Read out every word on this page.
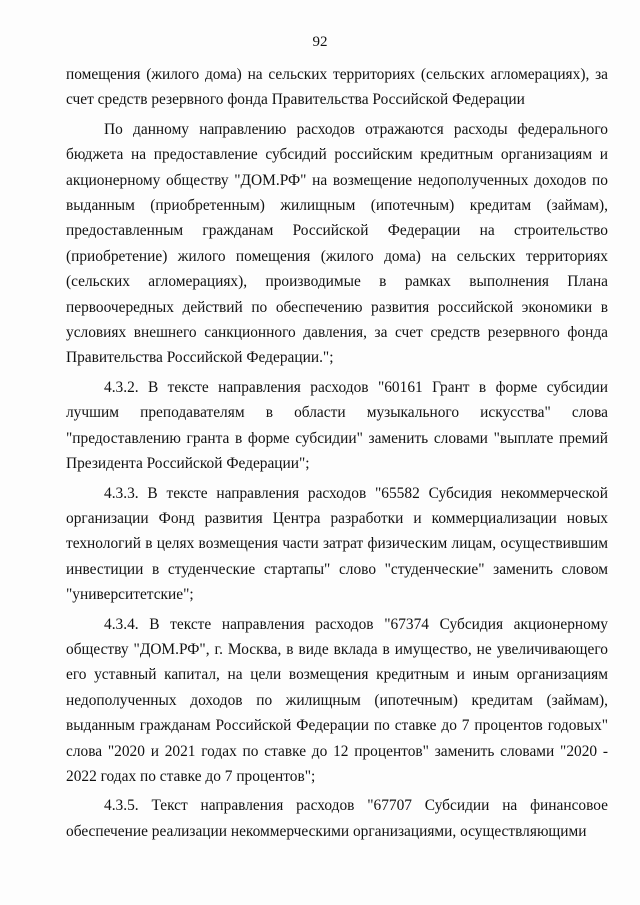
92

помещения (жилого дома) на сельских территориях (сельских агломерациях), за счет средств резервного фонда Правительства Российской Федерации

По данному направлению расходов отражаются расходы федерального бюджета на предоставление субсидий российским кредитным организациям и акционерному обществу "ДОМ.РФ" на возмещение недополученных доходов по выданным (приобретенным) жилищным (ипотечным) кредитам (займам), предоставленным гражданам Российской Федерации на строительство (приобретение) жилого помещения (жилого дома) на сельских территориях (сельских агломерациях), производимые в рамках выполнения Плана первоочередных действий по обеспечению развития российской экономики в условиях внешнего санкционного давления, за счет средств резервного фонда Правительства Российской Федерации.";

4.3.2. В тексте направления расходов "60161 Грант в форме субсидии лучшим преподавателям в области музыкального искусства" слова "предоставлению гранта в форме субсидии" заменить словами "выплате премий Президента Российской Федерации";

4.3.3. В тексте направления расходов "65582 Субсидия некоммерческой организации Фонд развития Центра разработки и коммерциализации новых технологий в целях возмещения части затрат физическим лицам, осуществившим инвестиции в студенческие стартапы" слово "студенческие" заменить словом "университетские";

4.3.4. В тексте направления расходов "67374 Субсидия акционерному обществу "ДОМ.РФ", г. Москва, в виде вклада в имущество, не увеличивающего его уставный капитал, на цели возмещения кредитным и иным организациям недополученных доходов по жилищным (ипотечным) кредитам (займам), выданным гражданам Российской Федерации по ставке до 7 процентов годовых" слова "2020 и 2021 годах по ставке до 12 процентов" заменить словами "2020 - 2022 годах по ставке до 7 процентов";

4.3.5. Текст направления расходов "67707 Субсидии на финансовое обеспечение реализации некоммерческими организациями, осуществляющими
